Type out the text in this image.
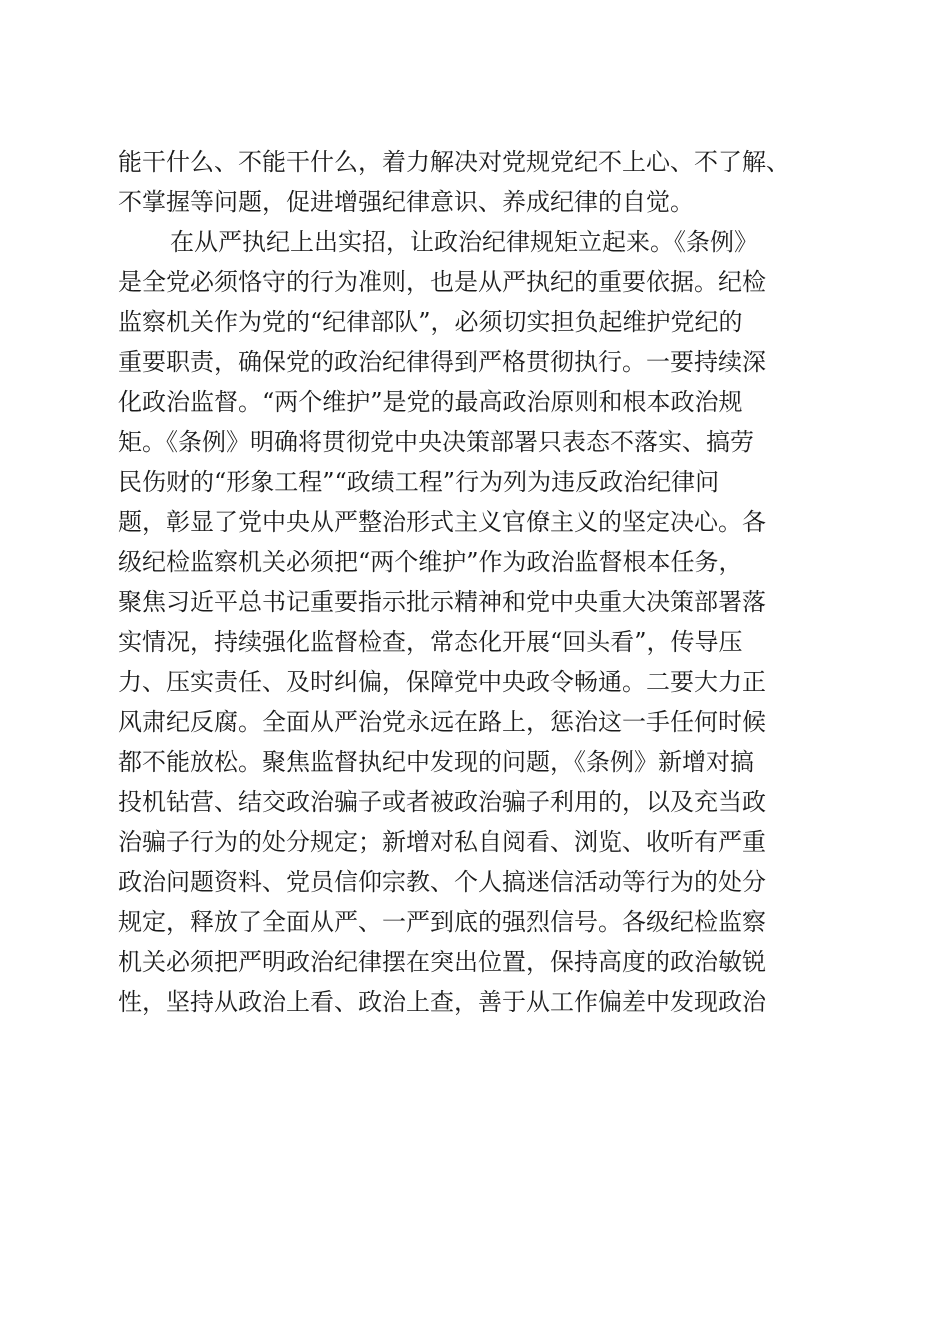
能干什么、不能干什么，着力解决对党规党纪不上心、不了解、
不掌握等问题，促进增强纪律意识、养成纪律的自觉。
在从严执纪上出实招，让政治纪律规矩立起来。《条例》
是全党必须恪守的行为准则，也是从严执纪的重要依据。纪检
监察机关作为党的“纪律部队”，必须切实担负起维护党纪的
重要职责，确保党的政治纪律得到严格贯彻执行。一要持续深
化政治监督。“两个维护”是党的最高政治原则和根本政治规
矩。《条例》明确将贯彻党中央决策部署只表态不落实、搞劳
民伤财的“形象工程”“政绩工程”行为列为违反政治纪律问
题，彰显了党中央从严整治形式主义官僚主义的坚定决心。各
级纪检监察机关必须把“两个维护”作为政治监督根本任务，
聚焦习近平总书记重要指示批示精神和党中央重大决策部署落
实情况，持续强化监督检查，常态化开展“回头看”，传导压
力、压实责任、及时纠偏，保障党中央政令畅通。二要大力正
风肃纪反腐。全面从严治党永远在路上，惩治这一手任何时候
都不能放松。聚焦监督执纪中发现的问题，《条例》新增对搞
投机钻营、结交政治骗子或者被政治骗子利用的，以及充当政
治骗子行为的处分规定；新增对私自阅看、浏览、收听有严重
政治问题资料、党员信仰宗教、个人搞迷信活动等行为的处分
规定，释放了全面从严、一严到底的强烈信号。各级纪检监察
机关必须把严明政治纪律摆在突出位置，保持高度的政治敏锐
性，坚持从政治上看、政治上查，善于从工作偏差中发现政治
